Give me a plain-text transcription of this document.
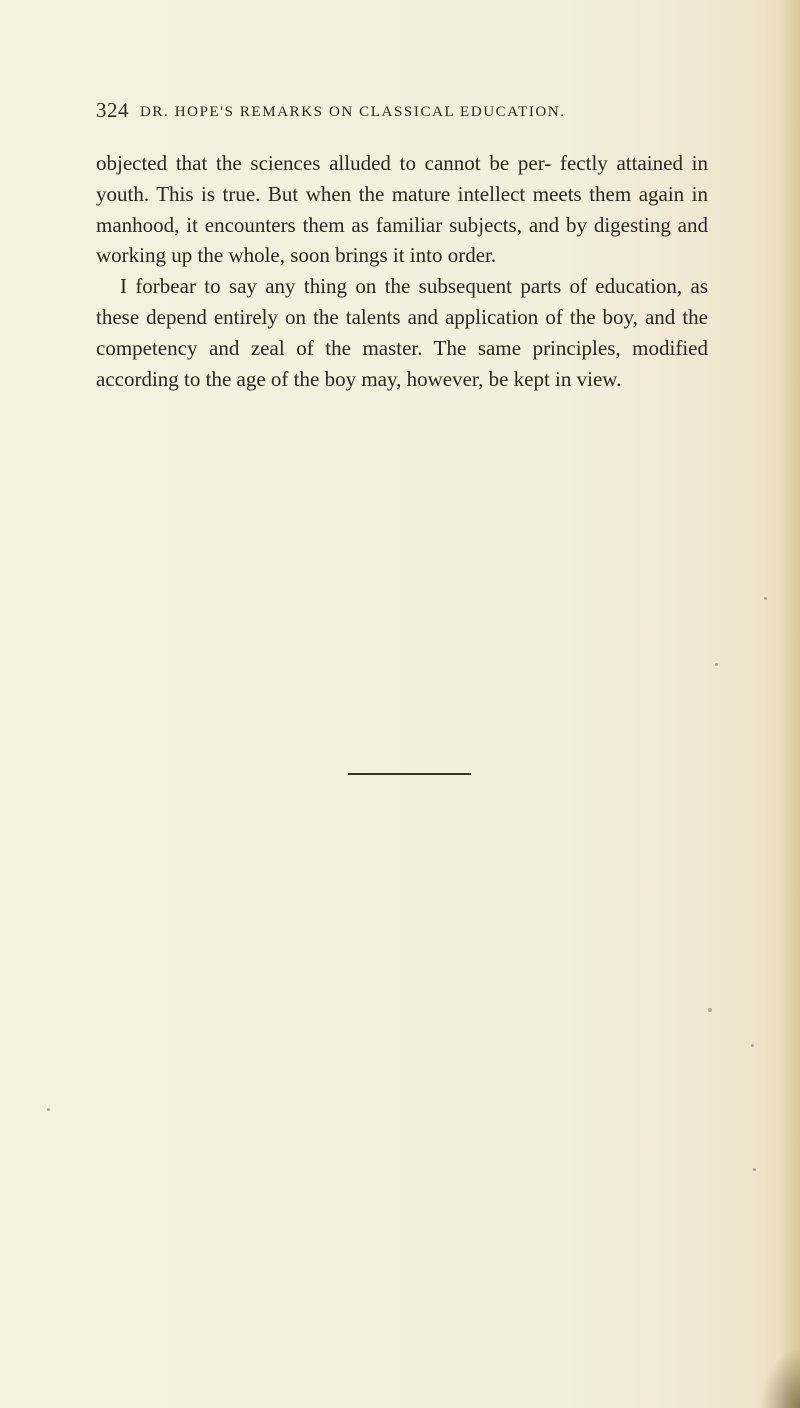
324 DR. HOPE'S REMARKS ON CLASSICAL EDUCATION.

objected that the sciences alluded to cannot be per- fectly attained in youth. This is true. But when the mature intellect meets them again in manhood, it encounters them as familiar subjects, and by digesting and working up the whole, soon brings it into order.

I forbear to say any thing on the subsequent parts of education, as these depend entirely on the talents and application of the boy, and the competency and zeal of the master. The same principles, modified according to the age of the boy may, however, be kept in view.
